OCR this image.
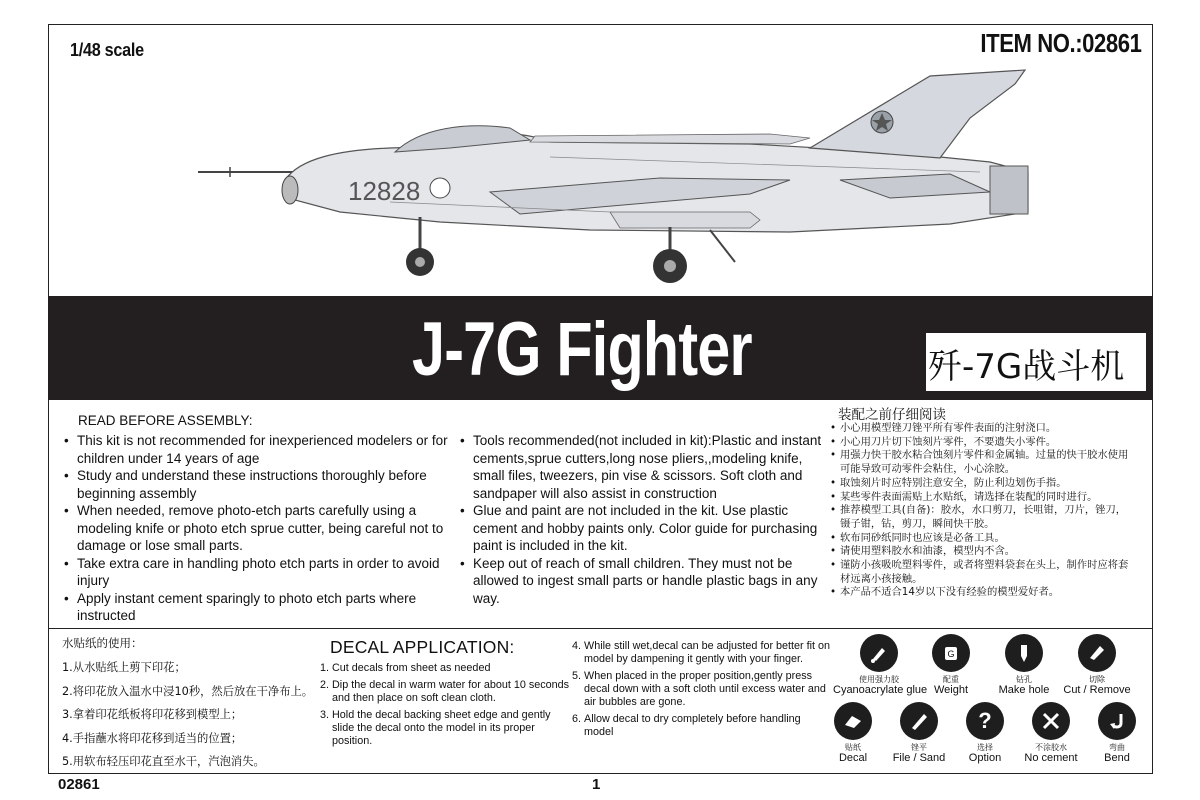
1/48 scale	ITEM NO.:02861
12828
J-7G Fighter	歼-7G战斗机
READ BEFORE ASSEMBLY:
• This kit is not recommended for inexperienced modelers or for children under 14 years of age
• Study and understand these instructions thoroughly before beginning assembly
• When needed, remove photo-etch parts carefully using a modeling knife or photo etch sprue cutter, being careful not to damage or lose small parts.
• Take extra care in handling photo etch parts in order to avoid injury
• Apply instant cement sparingly to photo etch parts where instructed
• Tools recommended(not included in kit):Plastic and instant cements,sprue cutters,long nose pliers,,modeling knife, small files, tweezers, pin vise & scissors. Soft cloth and sandpaper will also assist in construction
• Glue and paint are not included in the kit. Use plastic cement and hobby paints only. Color guide for purchasing paint is included in the kit.
• Keep out of reach of small children. They must not be allowed to ingest small parts or handle plastic bags in any way.
装配之前仔细阅读
• 小心用模型锉刀锉平所有零件表面的注射浇口。
• 小心用刀片切下蚀刻片零件，不要遗失小零件。
• 用强力快干胶水粘合蚀刻片零件和金属轴。过量的快干胶水使用可能导致可动零件会粘住，小心涂胶。
• 取蚀刻片时应特别注意安全，防止利边划伤手指。
• 某些零件表面需贴上水贴纸，请选择在装配的同时进行。
• 推荐模型工具(自备)：胶水，水口剪刀，长咀钳，刀片，锉刀，镊子钳，钻，剪刀，瞬间快干胶。
• 软布同砂纸同时也应该是必备工具。
• 请使用塑料胶水和油漆，模型内不含。
• 谨防小孩吸吮塑料零件，或者将塑料袋套在头上，制作时应将套材远离小孩接触。
• 本产品不适合14岁以下没有经验的模型爱好者。
水贴纸的使用：
1.从水贴纸上剪下印花；
2.将印花放入温水中浸10秒，然后放在干净布上。
3.拿着印花纸板将印花移到模型上；
4.手指蘸水将印花移到适当的位置；
5.用软布轻压印花直至水干，汽泡消失。
DECAL APPLICATION:
1. Cut decals from sheet as needed
2. Dip the decal in warm water for about 10 seconds and then place on soft clean cloth.
3. Hold the decal backing sheet edge and gently slide the decal onto the model in its proper position.
4. While still wet,decal can be adjusted for better fit on model by dampening it gently with your finger.
5. When placed in the proper position,gently press decal down with a soft cloth until excess water and air bubbles are gone.
6. Allow decal to dry completely before handling model
使用强力胶
Cyanoacrylate glue
G
配重
Weight
钻孔
Make hole
切除
Cut / Remove
贴纸
Decal
锉平
File / Sand
?
选择
Option
不涂胶水
No cement
弯曲
Bend
02861	1
